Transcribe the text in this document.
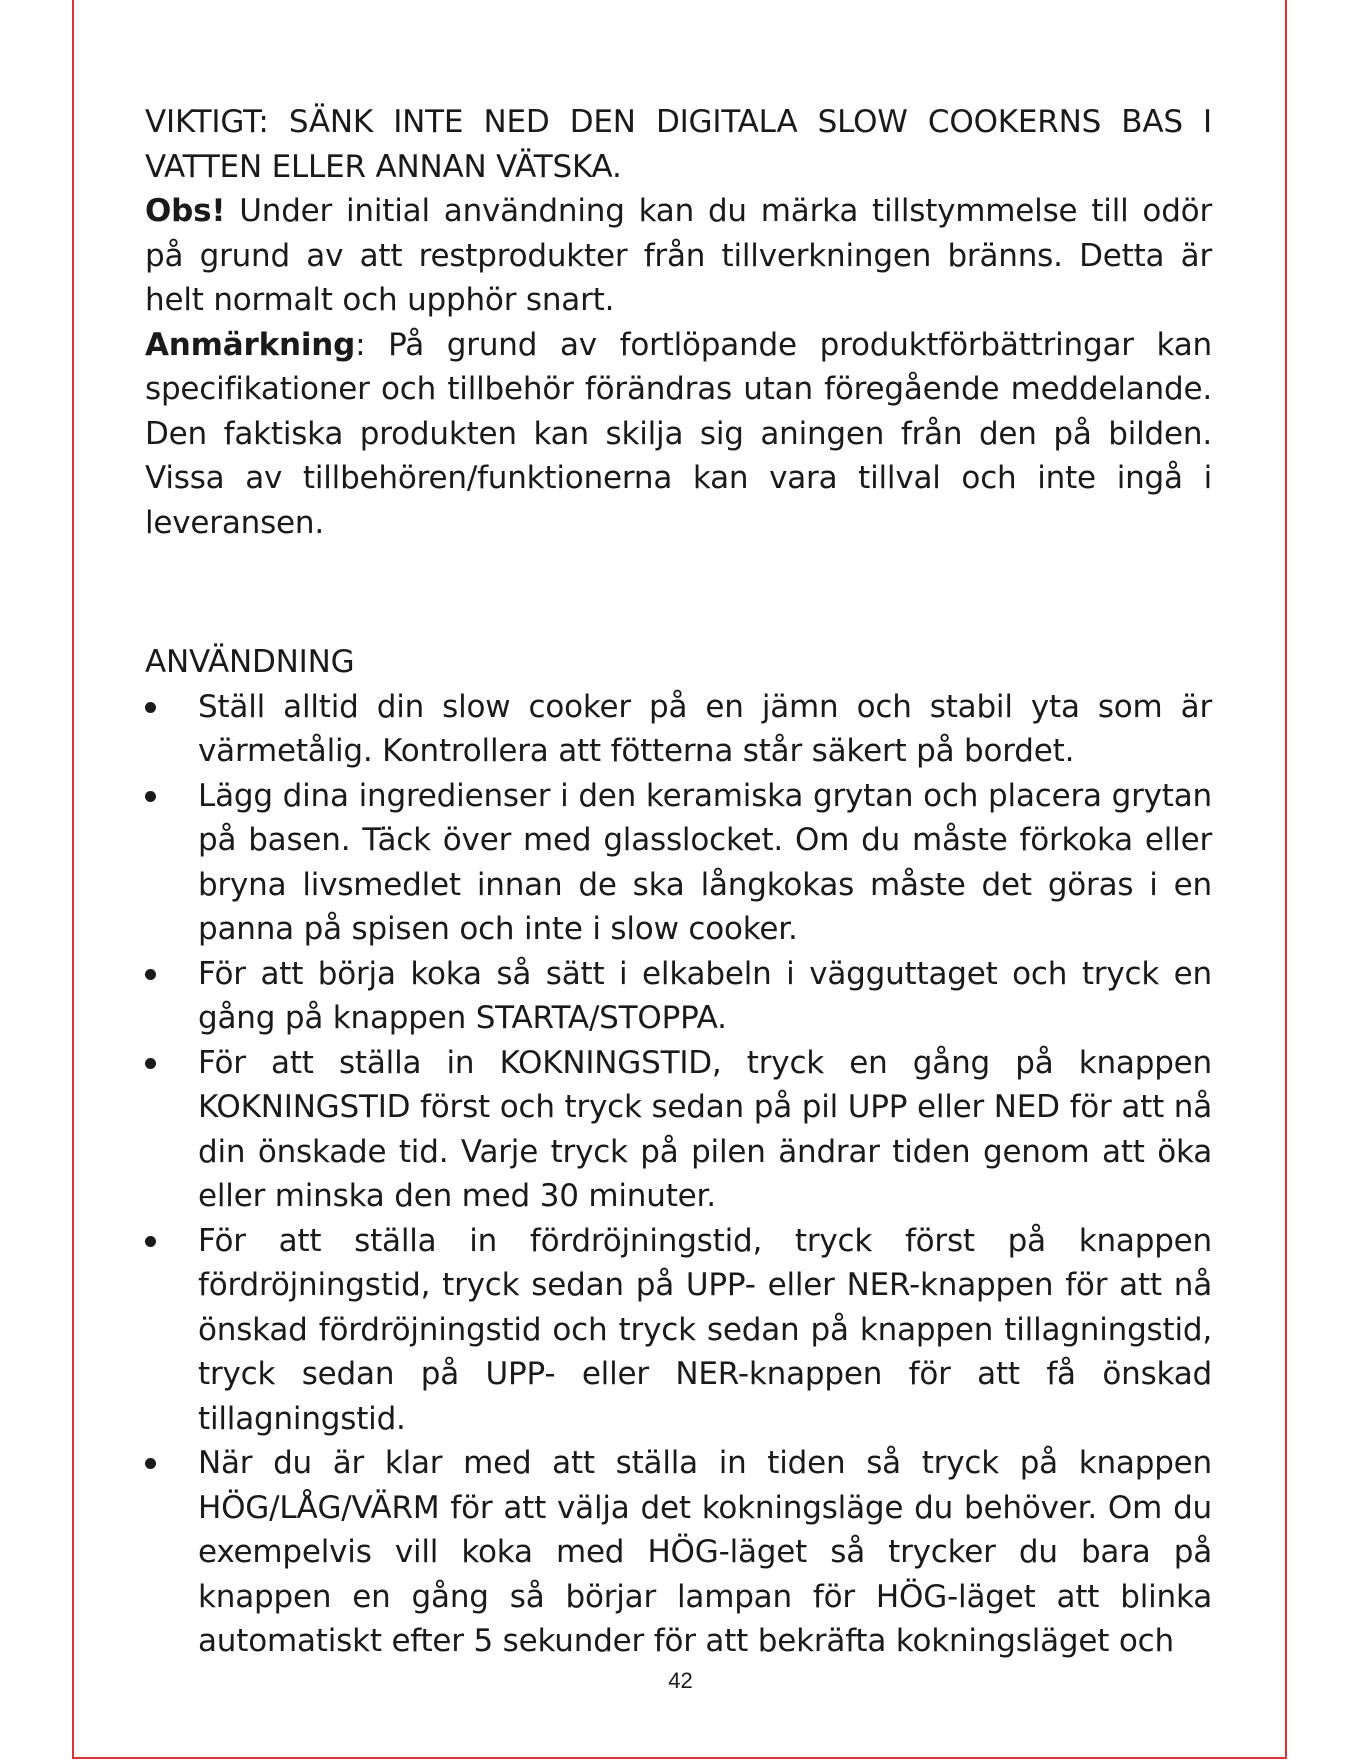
VIKTIGT: SÄNK INTE NED DEN DIGITALA SLOW COOKERNS BAS I VATTEN ELLER ANNAN VÄTSKA.

Obs! Under initial användning kan du märka tillstymmelse till odör på grund av att restprodukter från tillverkningen bränns. Detta är helt normalt och upphör snart.

Anmärkning: På grund av fortlöpande produktförbättringar kan specifikationer och tillbehör förändras utan föregående meddelande. Den faktiska produkten kan skilja sig aningen från den på bilden. Vissa av tillbehören/funktionerna kan vara tillval och inte ingå i leveransen.

ANVÄNDNING
Ställ alltid din slow cooker på en jämn och stabil yta som är värmetålig. Kontrollera att fötterna står säkert på bordet.
Lägg dina ingredienser i den keramiska grytan och placera grytan på basen. Täck över med glasslocket. Om du måste förkoka eller bryna livsmedlet innan de ska långkokas måste det göras i en panna på spisen och inte i slow cooker.
För att börja koka så sätt i elkabeln i vägguttaget och tryck en gång på knappen STARTA/STOPPA.
För att ställa in KOKNINGSTID, tryck en gång på knappen KOKNINGSTID först och tryck sedan på pil UPP eller NED för att nå din önskade tid. Varje tryck på pilen ändrar tiden genom att öka eller minska den med 30 minuter.
För att ställa in fördröjningstid, tryck först på knappen fördröjningstid, tryck sedan på UPP- eller NER-knappen för att nå önskad fördröjningstid och tryck sedan på knappen tillagningstid, tryck sedan på UPP- eller NER-knappen för att få önskad tillagningstid.
När du är klar med att ställa in tiden så tryck på knappen HÖG/LÅG/VÄRM för att välja det kokningsläge du behöver. Om du exempelvis vill koka med HÖG-läget så trycker du bara på knappen en gång så börjar lampan för HÖG-läget att blinka automatiskt efter 5 sekunder för att bekräfta kokningsläget och
42
